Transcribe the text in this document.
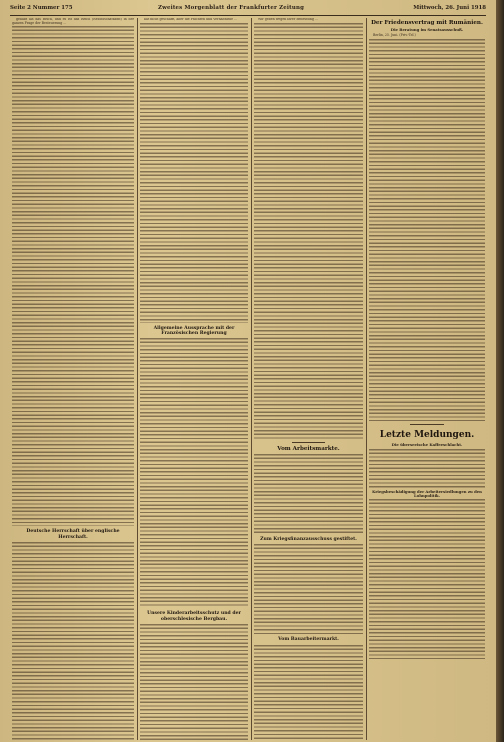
Seite 2 Nummer 175	Zweites Morgenblatt der Frankfurter Zeitung	Mittwoch, 26. Juni 1918

gehabt als das Reich, und es ist das Reich (Reichsschatzamt) in der ganzen Frage der Besteuerung ...

Deutsche Herrschaft über englische Herrschaft.

hat nicht geschafft, aber die Pflichten und Verhältnisse ...

Allgemeine Aussprache mit der Französischen Regierung
Unsere Kinderarbeitsschutz und der oberschlesische Bergbau.

Wir geben wegen ihrer Bedeutung ...

Vom Arbeitsmarkte.
Zum Kriegsfinanzausschuss gestiftet.
Vom Bauarbeitermarkt.
Der Friedensvertrag mit Rumänien.
Die Beratung im Senatsausschuß.

Berlin, 25. Juni. (Priv.-Tel.)

Letzte Meldungen.
Die überseeische Kaffeeschlacht.
Kriegsbeschädigung der Arbeitersiedlungen zu den Lohnpolitik.
